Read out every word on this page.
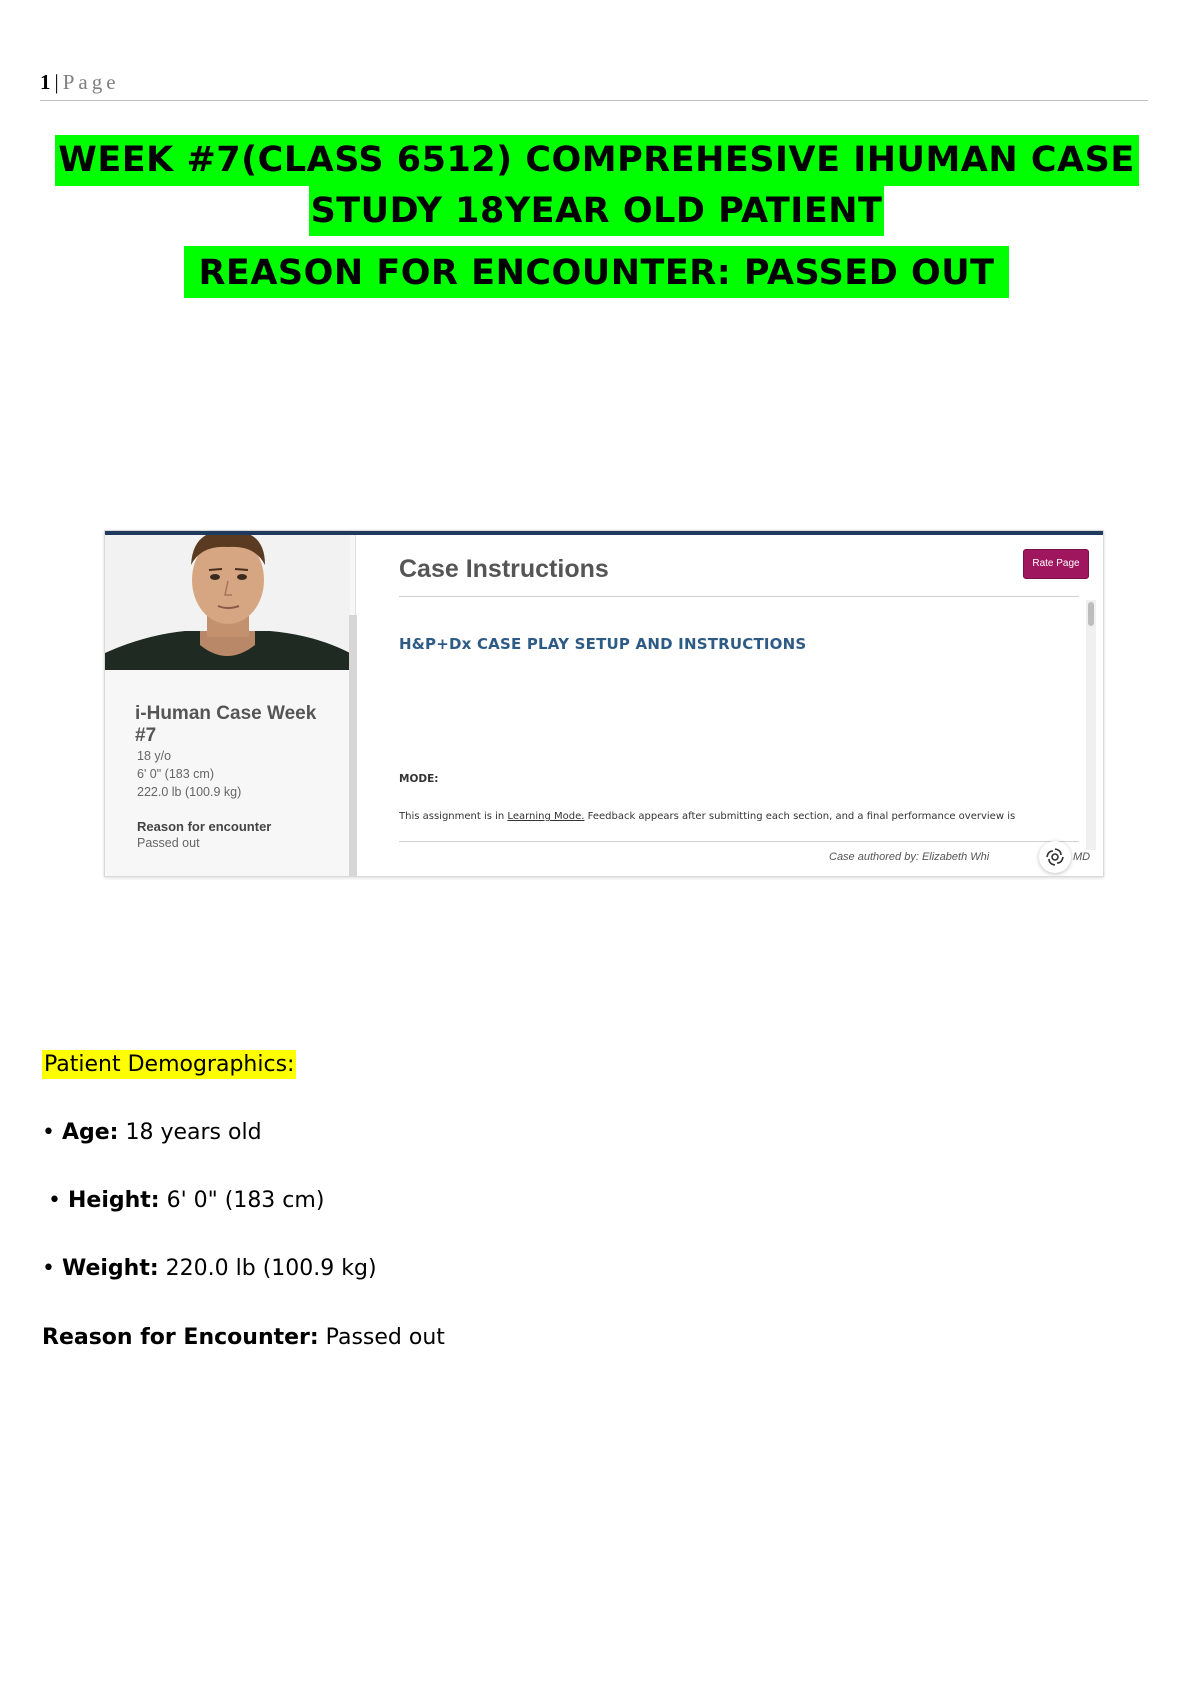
1 | Page
WEEK #7(CLASS 6512) COMPREHESIVE IHUMAN CASE
STUDY 18YEAR OLD PATIENT
REASON FOR ENCOUNTER: PASSED OUT
i-Human Case Week #7
18 y/o
6' 0" (183 cm)
222.0 lb (100.9 kg)
Reason for encounter
Passed out
Case Instructions	Rate Page
H&P+Dx CASE PLAY SETUP AND INSTRUCTIONS
MODE:
This assignment is in Learning Mode. Feedback appears after submitting each section, and a final performance overview is
Case authored by: Elizabeth Whi	MD
Patient Demographics:
• Age: 18 years old
• Height: 6' 0" (183 cm)
• Weight: 220.0 lb (100.9 kg)
Reason for Encounter: Passed out
